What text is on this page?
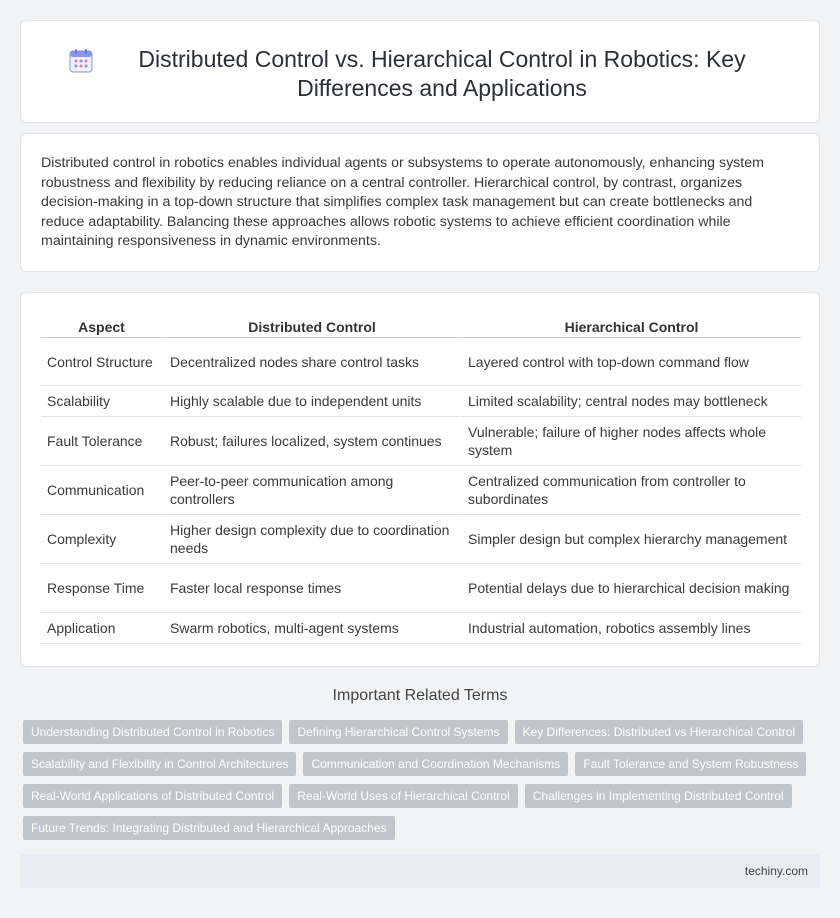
Distributed Control vs. Hierarchical Control in Robotics: Key Differences and Applications

Distributed control in robotics enables individual agents or subsystems to operate autonomously, enhancing system robustness and flexibility by reducing reliance on a central controller. Hierarchical control, by contrast, organizes decision-making in a top-down structure that simplifies complex task management but can create bottlenecks and reduce adaptability. Balancing these approaches allows robotic systems to achieve efficient coordination while maintaining responsiveness in dynamic environments.

Aspect	Distributed Control	Hierarchical Control
Control Structure	Decentralized nodes share control tasks	Layered control with top-down command flow
Scalability	Highly scalable due to independent units	Limited scalability; central nodes may bottleneck
Fault Tolerance	Robust; failures localized, system continues	Vulnerable; failure of higher nodes affects whole system
Communication	Peer-to-peer communication among controllers	Centralized communication from controller to subordinates
Complexity	Higher design complexity due to coordination needs	Simpler design but complex hierarchy management
Response Time	Faster local response times	Potential delays due to hierarchical decision making
Application	Swarm robotics, multi-agent systems	Industrial automation, robotics assembly lines
Important Related Terms
Understanding Distributed Control in Robotics Defining Hierarchical Control Systems Key Differences: Distributed vs Hierarchical Control
Scalability and Flexibility in Control Architectures Communication and Coordination Mechanisms Fault Tolerance and System Robustness
Real-World Applications of Distributed Control Real-World Uses of Hierarchical Control Challenges in Implementing Distributed Control
Future Trends: Integrating Distributed and Hierarchical Approaches
techiny.com
